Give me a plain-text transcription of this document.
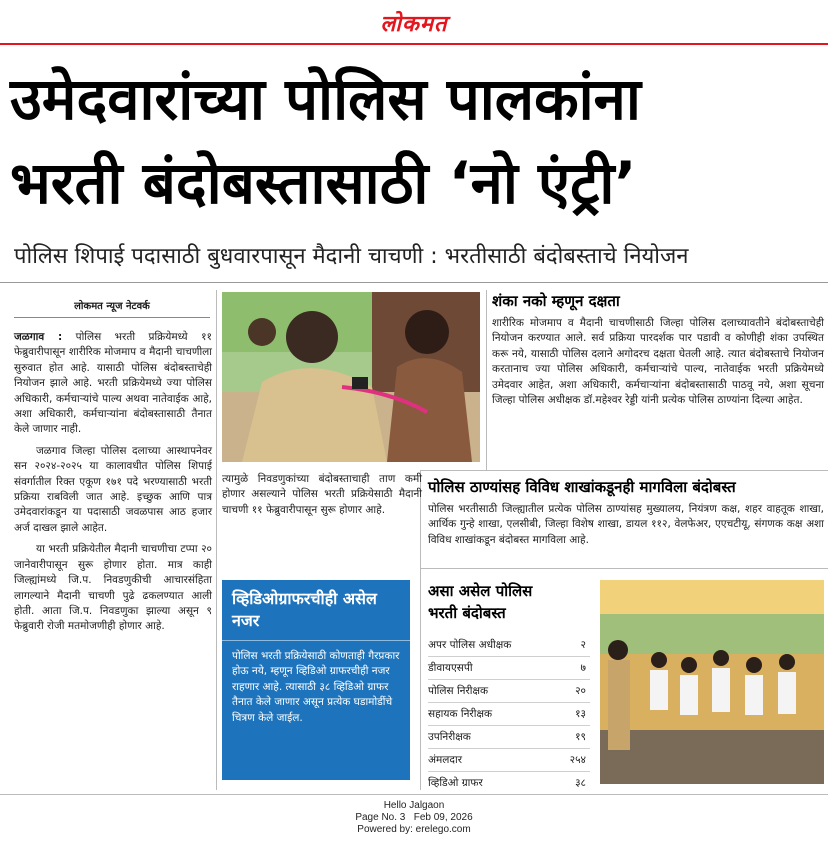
लोकमत
उमेदवारांच्या पोलिस पालकांना
भरती बंदोबस्तासाठी ‘नो एंट्री’
पोलिस शिपाई पदासाठी बुधवारपासून मैदानी चाचणी : भरतीसाठी बंदोबस्ताचे नियोजन
लोकमत न्यूज नेटवर्क

जळगाव : पोलिस भरती प्रक्रियेमध्ये ११ फेब्रुवारीपासून शारीरिक मोजमाप व मैदानी चाचणीला सुरुवात होत आहे. यासाठी पोलिस बंदोबस्ताचेही नियोजन झाले आहे. भरती प्रक्रियेमध्ये ज्या पोलिस अधिकारी, कर्मचाऱ्यांचे पाल्य अथवा नातेवाईक आहे, अशा अधिकारी, कर्मचाऱ्यांना बंदोबस्तासाठी तैनात केले जाणार नाही.

जळगाव जिल्हा पोलिस दलाच्या आस्थापनेवर सन २०२४-२०२५ या कालावधीत पोलिस शिपाई संवर्गातील रिक्त एकूण १७१ पदे भरण्यासाठी भरती प्रक्रिया राबविली जात आहे. इच्छुक आणि पात्र उमेदवारांकडून या पदासाठी जवळपास आठ हजार अर्ज दाखल झाले आहेत.

या भरती प्रक्रियेतील मैदानी चाचणीचा टप्पा २० जानेवारीपासून सुरू होणार होता. मात्र काही जिल्ह्यांमध्ये जि.प. निवडणुकीची आचारसंहिता लागल्याने मैदानी चाचणी पुढे ढकलण्यात आली होती. आता जि.प. निवडणुका झाल्या असून ९ फेब्रुवारी रोजी मतमोजणीही होणार आहे.

त्यामुळे निवडणुकांच्या बंदोबस्ताचाही ताण कमी होणार असल्याने पोलिस भरती प्रक्रियेसाठी मैदानी चाचणी ११ फेब्रुवारीपासून सुरू होणार आहे.
शंका नको म्हणून दक्षता
शारीरिक मोजमाप व मैदानी चाचणीसाठी जिल्हा पोलिस दलाच्यावतीने बंदोबस्ताचेही नियोजन करण्यात आले. सर्व प्रक्रिया पारदर्शक पार पडावी व कोणीही शंका उपस्थित करू नये, यासाठी पोलिस दलाने अगोदरच दक्षता घेतली आहे. त्यात बंदोबस्ताचे नियोजन करतानाच ज्या पोलिस अधिकारी, कर्मचाऱ्यांचे पाल्य, नातेवाईक भरती प्रक्रियेमध्ये उमेदवार आहेत, अशा अधिकारी, कर्मचाऱ्यांना बंदोबस्तासाठी पाठवू नये, अशा सूचना जिल्हा पोलिस अधीक्षक डॉ.महेश्वर रेड्डी यांनी प्रत्येक पोलिस ठाण्यांना दिल्या आहेत.
पोलिस ठाण्यांसह विविध शाखांकडूनही मागविला बंदोबस्त
पोलिस भरतीसाठी जिल्ह्यातील प्रत्येक पोलिस ठाण्यांसह मुख्यालय, नियंत्रण कक्ष, शहर वाहतूक शाखा, आर्थिक गुन्हे शाखा, एलसीबी, जिल्हा विशेष शाखा, डायल ११२, वेलफेअर, एएचटीयू, संगणक कक्ष अशा विविध शाखांकडून बंदोबस्त मागविला आहे.
व्हिडिओग्राफरचीही असेल नजर
पोलिस भरती प्रक्रियेसाठी कोणताही गैरप्रकार होऊ नये, म्हणून व्हिडिओ ग्राफरचीही नजर राहणार आहे. त्यासाठी ३८ व्हिडिओ ग्राफर तैनात केले जाणार असून प्रत्येक घडामोडींचे चित्रण केले जाईल.
असा असेल पोलिस
भरती बंदोबस्त
अपर पोलिस अधीक्षक	२
डीवायएसपी	७
पोलिस निरीक्षक	२०
सहायक निरीक्षक	१३
उपनिरीक्षक	१९
अंमलदार	२५४
व्हिडिओ ग्राफर	३८
Hello Jalgaon
Page No. 3 Feb 09, 2026
Powered by: erelego.com
